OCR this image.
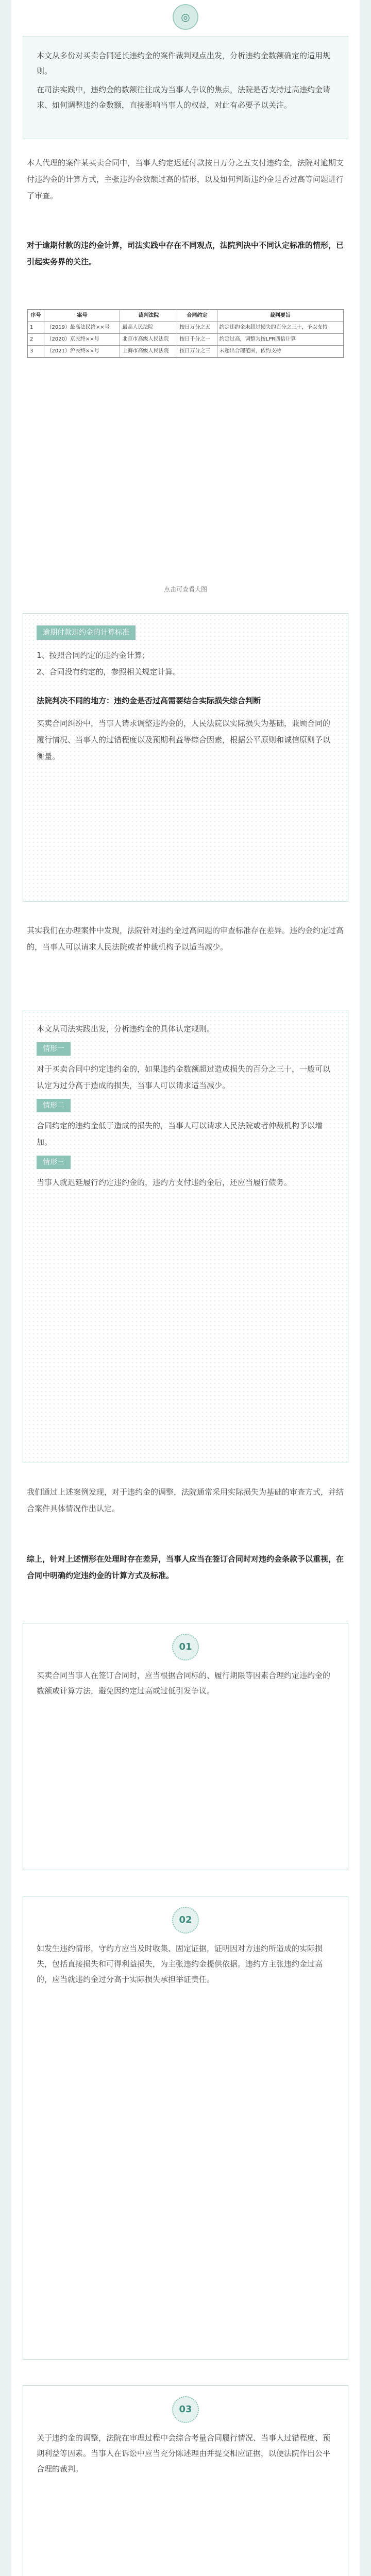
◎

本文从多份对买卖合同延长违约金的案件裁判观点出发，分析违约金数额确定的适用规则。

在司法实践中，违约金的数额往往成为当事人争议的焦点，法院是否支持过高违约金请求、如何调整违约金数额，直接影响当事人的权益，对此有必要予以关注。

本人代理的案件某买卖合同中，当事人约定迟延付款按日万分之五支付违约金，法院对逾期支付违约金的计算方式，主张违约金数额过高的情形，以及如何判断违约金是否过高等问题进行了审查。

对于逾期付款的违约金计算，司法实践中存在不同观点，法院判决中不同认定标准的情形，已引起实务界的关注。

序号	案号	裁判法院	合同约定	裁判要旨
1	（2019）最高法民终××号	最高人民法院	按日万分之五	约定违约金未超过损失的百分之三十，予以支持
2	（2020）京民终××号	北京市高级人民法院	按日千分之一	约定过高，调整为按LPR四倍计算
3	（2021）沪民终××号	上海市高级人民法院	按日万分之三	未超出合理范围，依约支持
点击可查看大图
逾期付款违约金的计算标准
1、按照合同约定的违约金计算；
2、合同没有约定的，参照相关规定计算。
法院判决不同的地方：违约金是否过高需要结合实际损失综合判断
买卖合同纠纷中，当事人请求调整违约金的，人民法院以实际损失为基础，兼顾合同的履行情况、当事人的过错程度以及预期利益等综合因素，根据公平原则和诚信原则予以衡量。

其实我们在办理案件中发现，法院针对违约金过高问题的审查标准存在差异。违约金约定过高的，当事人可以请求人民法院或者仲裁机构予以适当减少。

本文从司法实践出发，分析违约金的具体认定规则。
情形一
对于买卖合同中约定违约金的，如果违约金数额超过造成损失的百分之三十，一般可以认定为过分高于造成的损失，当事人可以请求适当减少。
情形二
合同约定的违约金低于造成的损失的，当事人可以请求人民法院或者仲裁机构予以增加。
情形三
当事人就迟延履行约定违约金的，违约方支付违约金后，还应当履行债务。

我们通过上述案例发现，对于违约金的调整，法院通常采用实际损失为基础的审查方式，并结合案件具体情况作出认定。

综上，针对上述情形在处理时存在差异，当事人应当在签订合同时对违约金条款予以重视，在合同中明确约定违约金的计算方式及标准。

01
买卖合同当事人在签订合同时，应当根据合同标的、履行期限等因素合理约定违约金的数额或计算方法，避免因约定过高或过低引发争议。
02
如发生违约情形，守约方应当及时收集、固定证据，证明因对方违约所造成的实际损失，包括直接损失和可得利益损失，为主张违约金提供依据。违约方主张违约金过高的，应当就违约金过分高于实际损失承担举证责任。
03
关于违约金的调整，法院在审理过程中会综合考量合同履行情况、当事人过错程度、预期利益等因素。当事人在诉讼中应当充分陈述理由并提交相应证据，以便法院作出公平合理的裁判。
